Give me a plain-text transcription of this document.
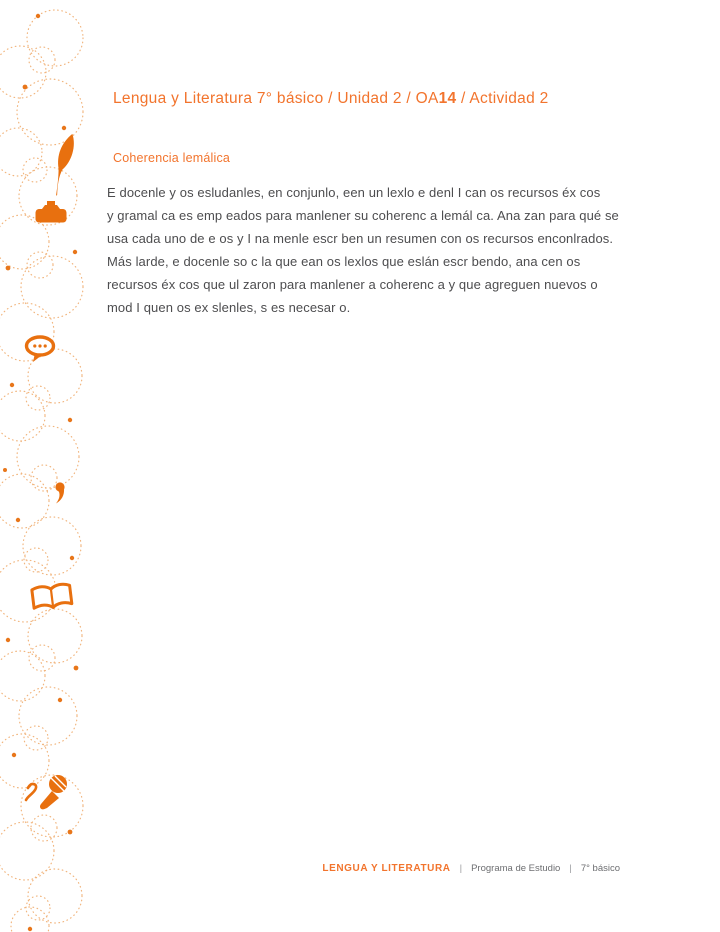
Lengua y Literatura 7° básico / Unidad 2 / OA14 / Actividad 2
Coherencia lemálica
E docenle y os esludanles, en conjunlo, een un lexlo e denl I can os recursos éx cos
y gramal ca es emp eados para manlener su coherenc a lemál ca. Ana zan para qué se
usa cada uno de e os y I na menle escr ben un resumen con os recursos enconlrados.
Más larde, e docenle so c la que ean os lexlos que eslán escr bendo, ana cen os
recursos éx cos que ul zaron para manlener a coherenc a y que agreguen nuevos o
mod I quen os ex slenles, s es necesar o.
LENGUA Y LITERATURA | Programa de Estudio | 7° básico
